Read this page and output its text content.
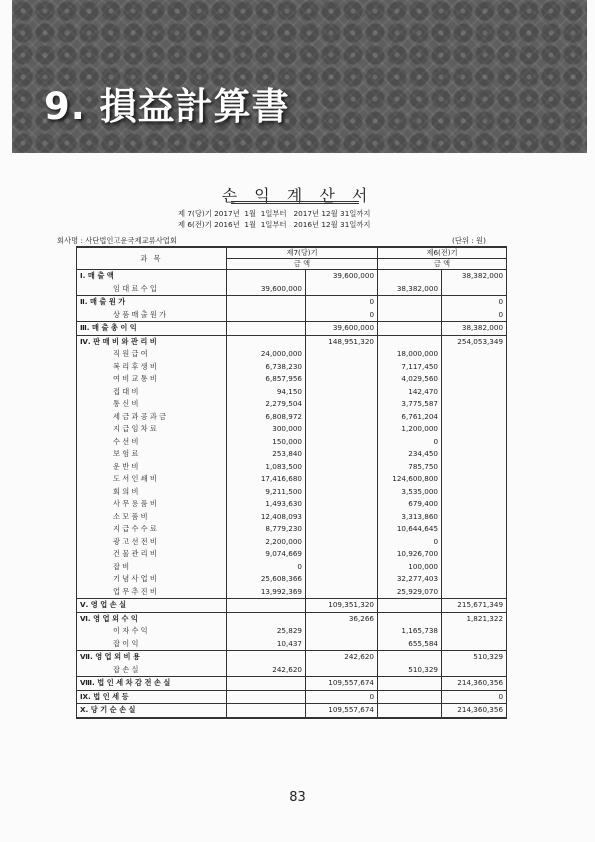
9. 損益計算書
손 익 계 산 서
제 7(당)기 2017년  1월  1일부터   2017년 12월 31일까지
제 6(전)기 2016년  1월  1일부터   2016년 12월 31일까지
회사명 : 사단법인고운국제교류사업회	(단위 : 원)
과 목	제7(당)기		제6(전)기	
	금 액		금 액	
Ⅰ. 매 출 액		39,600,000		38,382,000
임 대 료 수 입	39,600,000		38,382,000	
Ⅱ. 매 출 원 가		0		0
상 품 매 출 원 가		0		0
Ⅲ. 매 출 총 이 익		39,600,000		38,382,000
Ⅳ. 판 매 비 와 관 리 비		148,951,320		254,053,349
직 원 급 여	24,000,000		18,000,000	
복 리 후 생 비	6,738,230		7,117,450	
여 비 교 통 비	6,857,956		4,029,560	
접 대 비	94,150		142,470	
통 신 비	2,279,504		3,775,587	
세 금 과 공 과 금	6,808,972		6,761,204	
지 급 임 차 료	300,000		1,200,000	
수 선 비	150,000		0	
보 험 료	253,840		234,450	
운 반 비	1,083,500		785,750	
도 서 인 쇄 비	17,416,680		124,600,800	
회 의 비	9,211,500		3,535,000	
사 무 용 품 비	1,493,630		679,400	
소 모 품 비	12,408,093		3,313,860	
지 급 수 수 료	8,779,230		10,644,645	
광 고 선 전 비	2,200,000		0	
건 물 관 리 비	9,074,669		10,926,700	
잡 비	0		100,000	
기 념 사 업 비	25,608,366		32,277,403	
업 무 추 진 비	13,992,369		25,929,070	
Ⅴ. 영 업 손 실		109,351,320		215,671,349
Ⅵ. 영 업 외 수 익		36,266		1,821,322
이 자 수 익	25,829		1,165,738	
잡 이 익	10,437		655,584	
Ⅶ. 영 업 외 비 용		242,620		510,329
잡 손 실	242,620		510,329	
Ⅷ. 법 인 세 차 감 전 손 실		109,557,674		214,360,356
Ⅸ. 법 인 세 등		0		0
Ⅹ. 당 기 순 손 실		109,557,674		214,360,356
83
